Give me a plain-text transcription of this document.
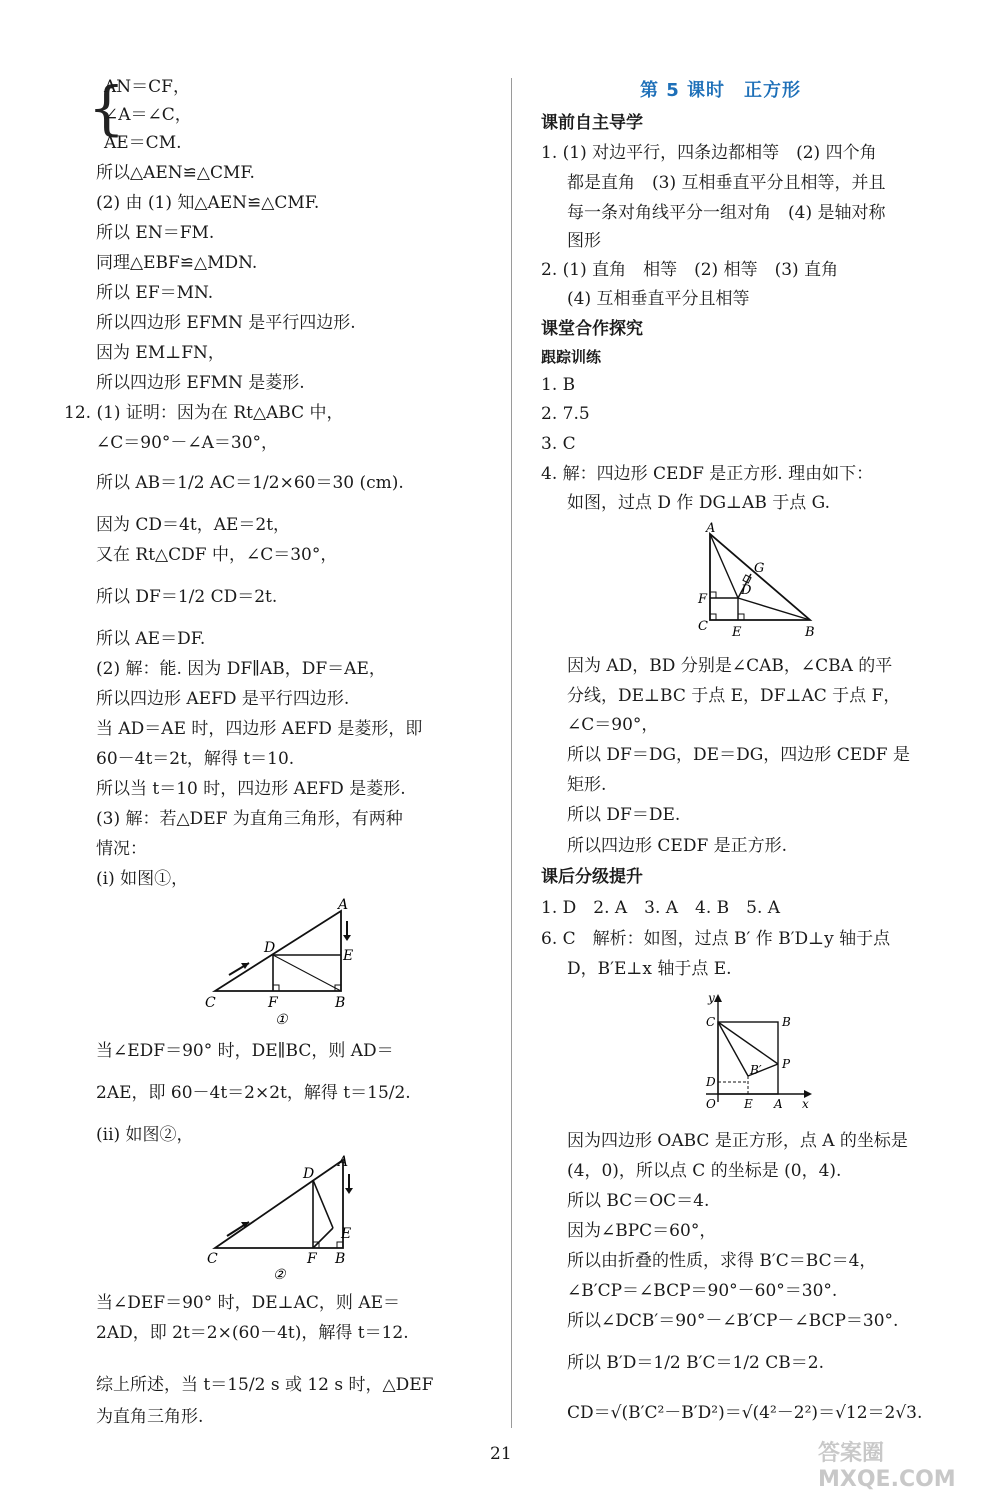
{
AN＝CF，
∠A＝∠C，
AE＝CM.
所以△AEN≌△CMF.
(2) 由 (1) 知△AEN≌△CMF.
所以 EN＝FM.
同理△EBF≌△MDN.
所以 EF＝MN.
所以四边形 EFMN 是平行四边形.
因为 EM⊥FN，
所以四边形 EFMN 是菱形.
12. (1) 证明：因为在 Rt△ABC 中，
∠C＝90°－∠A＝30°，
所以 AB＝1/2 AC＝1/2×60＝30 (cm).
因为 CD＝4t，AE＝2t，
又在 Rt△CDF 中，∠C＝30°，
所以 DF＝1/2 CD＝2t.
所以 AE＝DF.
(2) 解：能. 因为 DF∥AB，DF＝AE，
所以四边形 AEFD 是平行四边形.
当 AD＝AE 时，四边形 AEFD 是菱形，即
60－4t＝2t，解得 t＝10.
所以当 t＝10 时，四边形 AEFD 是菱形.
(3) 解：若△DEF 为直角三角形，有两种
情况：
(i) 如图①，
A
E
D
C	F	B
①
当∠EDF＝90° 时，DE∥BC，则 AD＝
2AE，即 60－4t＝2×2t，解得 t＝15/2.
(ii) 如图②，
A
D
E
C	F B
②
当∠DEF＝90° 时，DE⊥AC，则 AE＝
2AD，即 2t＝2×(60－4t)，解得 t＝12.
综上所述，当 t＝15/2 s 或 12 s 时，△DEF
为直角三角形.
第 5 课时　正方形
课前自主导学
1. (1) 对边平行，四条边都相等　(2) 四个角
都是直角　(3) 互相垂直平分且相等，并且
每一条对角线平分一组对角　(4) 是轴对称
图形
2. (1) 直角　相等　(2) 相等　(3) 直角
(4) 互相垂直平分且相等
课堂合作探究
跟踪训练
1. B
2. 7.5
3. C
4. 解：四边形 CEDF 是正方形. 理由如下：
如图，过点 D 作 DG⊥AB 于点 G.
A
G
D
F
C E	B
因为 AD，BD 分别是∠CAB，∠CBA 的平
分线，DE⊥BC 于点 E，DF⊥AC 于点 F，
∠C＝90°，
所以 DF＝DG，DE＝DG，四边形 CEDF 是
矩形.
所以 DF＝DE.
所以四边形 CEDF 是正方形.
课后分级提升
1. D　2. A　3. A　4. B　5. A
6. C　解析：如图，过点 B′ 作 B′D⊥y 轴于点
D，B′E⊥x 轴于点 E.
y
C	B
P
B′
D
O E A x
因为四边形 OABC 是正方形，点 A 的坐标是
(4，0)，所以点 C 的坐标是 (0，4).
所以 BC＝OC＝4.
因为∠BPC＝60°，
所以由折叠的性质，求得 B′C＝BC＝4，
∠B′CP＝∠BCP＝90°－60°＝30°.
所以∠DCB′＝90°－∠B′CP－∠BCP＝30°.
所以 B′D＝1/2 B′C＝1/2 CB＝2.
CD＝√(B′C²－B′D²)＝√(4²－2²)＝√12＝2√3.
21	答案圈 MXQE.COM
